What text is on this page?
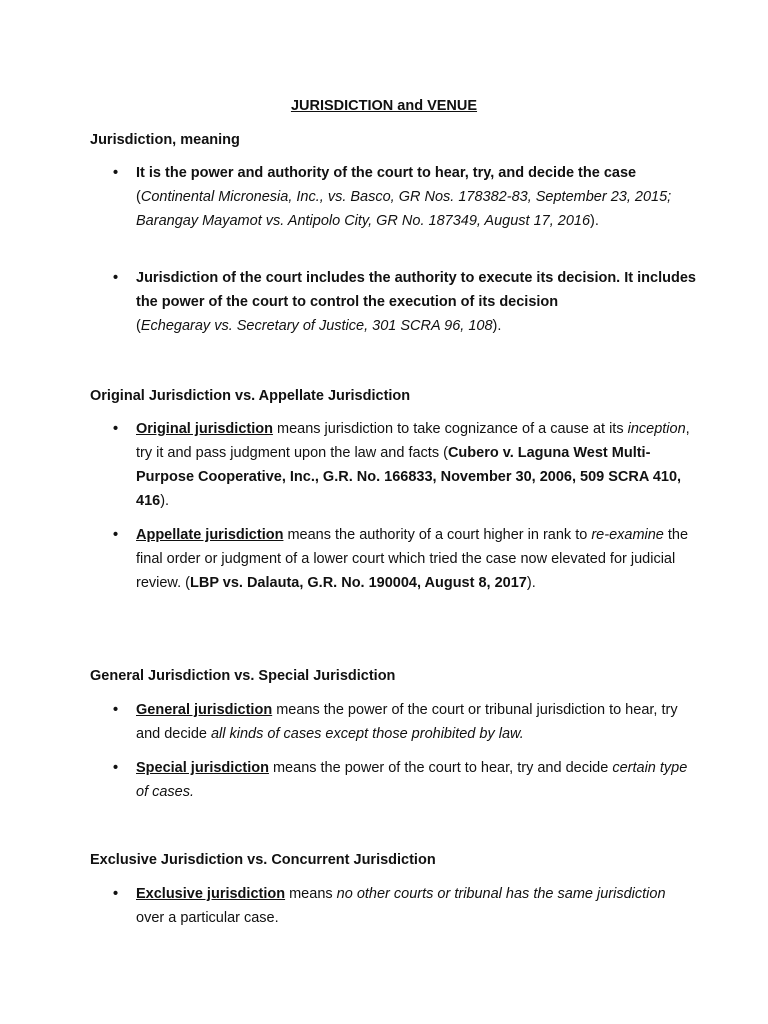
JURISDICTION and VENUE
Jurisdiction, meaning
•	It is the power and authority of the court to hear, try, and decide the case
(Continental Micronesia, Inc., vs. Basco, GR Nos. 178382-83, September 23, 2015; Barangay Mayamot vs. Antipolo City, GR No. 187349, August 17, 2016).
•	Jurisdiction of the court includes the authority to execute its decision. It includes the power of the court to control the execution of its decision
(Echegaray vs. Secretary of Justice, 301 SCRA 96, 108).
Original Jurisdiction vs. Appellate Jurisdiction
•	Original jurisdiction means jurisdiction to take cognizance of a cause at its inception, try it and pass judgment upon the law and facts (Cubero v. Laguna West Multi-Purpose Cooperative, Inc., G.R. No. 166833, November 30, 2006, 509 SCRA 410, 416).
•	Appellate jurisdiction means the authority of a court higher in rank to re-examine the final order or judgment of a lower court which tried the case now elevated for judicial review. (LBP vs. Dalauta, G.R. No. 190004, August 8, 2017).
General Jurisdiction vs. Special Jurisdiction
•	General jurisdiction means the power of the court or tribunal jurisdiction to hear, try and decide all kinds of cases except those prohibited by law.
•	Special jurisdiction means the power of the court to hear, try and decide certain type of cases.
Exclusive Jurisdiction vs. Concurrent Jurisdiction
•	Exclusive jurisdiction means no other courts or tribunal has the same jurisdiction over a particular case.
